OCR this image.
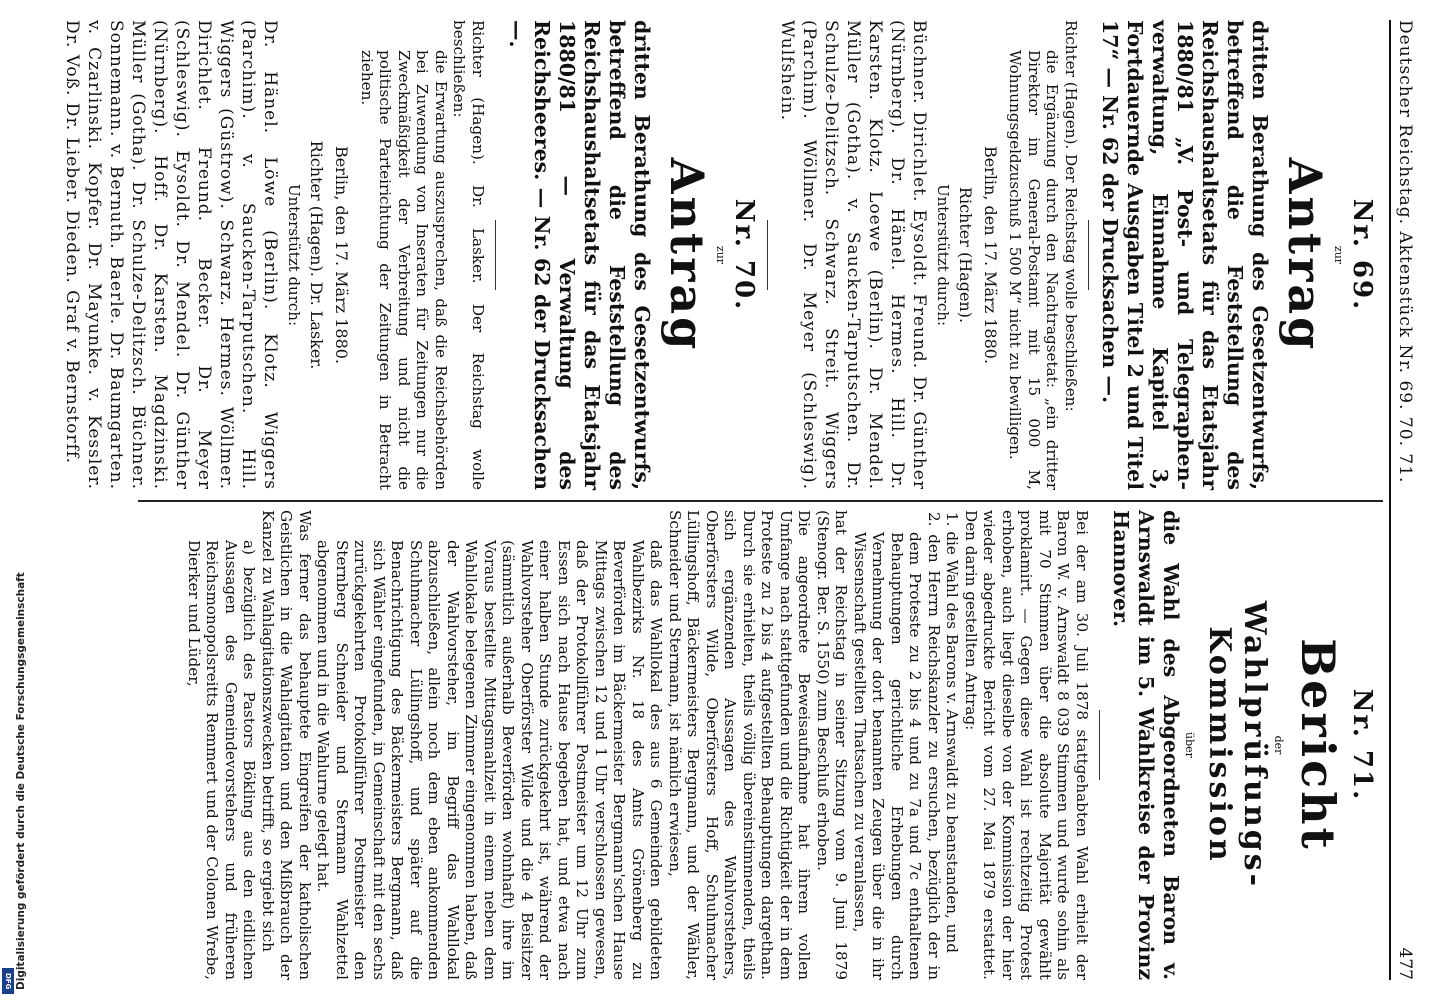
DFG Digitalisierung gefördert durch die Deutsche Forschungsgemeinschaft
Deutscher Reichstag. Aktenstück Nr. 69. 70. 71.
477
Nr. 69.
zur
Antrag

dritten Berathung des Gesetzentwurfs, betreffend die Feststellung des Reichshaushaltsetats für das Etatsjahr 1880/81 „V. Post- und Telegraphen-verwaltung, Einnahme Kapitel 3, Fortdauernde Ausgaben Titel 2 und Titel 17“ — Nr. 62 der Drucksachen —.

Richter (Hagen). Der Reichstag wolle beschließen:

die Ergänzung durch den Nachtragsetat: „ein dritter Direktor im General-Postamt mit 15 000 M, Wohnungsgeldzuschuß 1 500 M“ nicht zu bewilligen.

Berlin, den 17. März 1880.
Richter (Hagen).
Unterstützt durch:

Büchner. Dirichlet. Eysoldt. Freund. Dr. Günther (Nürnberg). Dr. Hänel. Hermes. Hill. Dr. Karsten. Klotz. Loewe (Berlin). Dr. Mendel. Müller (Gotha). v. Saucken-Tarputschen. Dr. Schulze-Delitzsch. Schwarz. Streit. Wiggers (Parchim). Wöllmer. Dr. Meyer (Schleswig). Wulfshein.

Nr. 70.
zur
Antrag

dritten Berathung des Gesetzentwurfs, betreffend die Feststellung des Reichshaushaltsetats für das Etatsjahr 1880/81 — Verwaltung des Reichsheeres. — Nr. 62 der Drucksachen —.

Richter (Hagen). Dr. Lasker. Der Reichstag wolle beschließen:

die Erwartung auszusprechen, daß die Reichsbehörden bei Zuwendung von Inseraten für Zeitungen nur die Zweckmäßigkeit der Verbreitung und nicht die politische Parteirichtung der Zeitungen in Betracht ziehen.

Berlin, den 17. März 1880.
Richter (Hagen). Dr. Lasker.
Unterstützt durch:

Dr. Hänel. Löwe (Berlin). Klotz. Wiggers (Parchim). v. Saucken-Tarputschen. Hill. Wiggers (Güstrow). Schwarz. Hermes. Wöllmer. Dirichlet. Freund. Becker. Dr. Meyer (Schleswig). Eysoldt. Dr. Mendel. Dr. Günther (Nürnberg). Hoff. Dr. Karsten. Magdzinski. Müller (Gotha). Dr. Schulze-Delitzsch. Büchner. Sonnemann. v. Bernuth. Baerle. Dr. Baumgarten. v. Czarlinski. Kopfer. Dr. Mayunke. v. Kessler. Dr. Voß. Dr. Lieber. Dieden. Graf v. Bernstorff.

Nr. 71.
Bericht
der
Wahlprüfungs-Kommission
über

die Wahl des Abgeordneten Baron v. Arnswaldt im 5. Wahlkreise der Provinz Hannover.

Bei der am 30. Juli 1878 stattgehabten Wahl erhielt der Baron W. v. Arnswaldt 8 039 Stimmen und wurde sohin als mit 70 Stimmen über die absolute Majorität gewählt proklamirt. — Gegen diese Wahl ist rechtzeitig Protest erhoben, auch liegt dieselbe von der Kommission der hier wieder abgedruckte Bericht vom 27. Mai 1879 erstattet. Den darin gestellten Antrag:

1. die Wahl des Barons v. Arnswaldt zu beanstanden, und

2. den Herrn Reichskanzler zu ersuchen, bezüglich der in dem Proteste zu 2 bis 4 und zu 7a und 7c enthaltenen Behauptungen gerichtliche Erhebungen durch Vernehmung der dort benannten Zeugen über die in ihr Wissenschaft gestellten Thatsachen zu veranlassen,

hat der Reichstag in seiner Sitzung vom 9. Juni 1879 (Stenogr. Ber. S. 1550) zum Beschluß erhoben.

Die angeordnete Beweisaufnahme hat ihrem vollen Umfange nach stattgefunden und die Richtigkeit der in dem Proteste zu 2 bis 4 aufgestellten Behauptungen dargethan. Durch sie erhielten, theils völlig übereinstimmenden, theils sich ergänzenden Aussagen des Wahlvorstehers, Oberförsters Wilde, Oberförsters Hoff, Schuhmacher Lüllingshoff, Bäckermeisters Bergmann, und der Wähler, Schneider und Stermann, ist nämlich erwiesen,

daß das Wahllokal des aus 6 Gemeinden gebildeten Wahlbezirks Nr. 18 des Amts Grönenberg zu Beverförden im Bäckermeister Bergmann'schen Hause Mittags zwischen 12 und 1 Uhr verschlossen gewesen, daß der Protokollführer Postmeister um 12 Uhr zum Essen sich nach Hause begeben hat, und etwa nach einer halben Stunde zurückgekehrt ist, während der Wahlvorsteher Oberförster Wilde und die 4 Beisitzer (sämmtlich außerhalb Beverförden wohnhaft) ihre im Voraus bestellte Mittagsmahlzeit in einem neben dem Wahllokale belegenen Zimmer eingenommen haben, daß der Wahlvorsteher, im Begriff das Wahllokal abzuschließen, allein noch dem eben ankommenden Schuhmacher Lüllingshoff, und später auf die Benachrichtigung des Bäckermeisters Bergmann, daß sich Wähler eingefunden, in Gemeinschaft mit den sechs zurückgekehrten Protokollführer Postmeister den Sternberg Schneider und Stermann Wahlzettel abgenommen und in die Wahlurne gelegt hat.

Was ferner das behauptete Eingreifen der katholischen Geistlichen in die Wahlagitation und den Mißbrauch der Kanzel zu Wahlagitationszwecken betrifft, so ergiebt sich

a) bezüglich des Pastors Bökling aus den eidlichen Aussagen des Gemeindevorstehers und früheren Reichsmonopolsreitts Remmert und der Colonen Wrebe, Dierker und Lüder,
